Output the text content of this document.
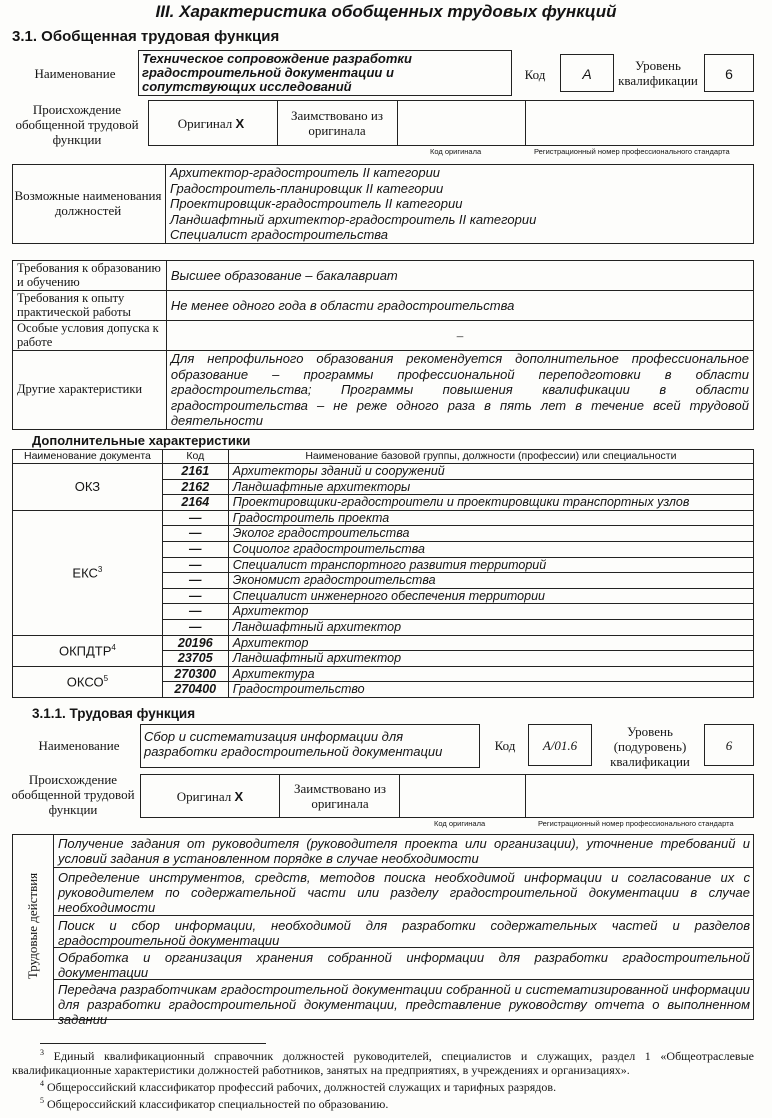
III. Характеристика обобщенных трудовых функций
3.1. Обобщенная трудовая функция
Наименование
Техническое сопровождение разработки градостроительной документации и сопутствующих исследований
Код	А
Уровень квалификации	6
Происхождение обобщенной трудовой функции
Оригинал X
Заимствовано из оригинала
Код оригинала	Регистрационный номер профессионального стандарта
Возможные наименования должностей
Архитектор-градостроитель II категории
Градостроитель-планировщик II категории
Проектировщик-градостроитель II категории
Ландшафтный архитектор-градостроитель II категории
Специалист градостроительства
Требования к образованию и обучению	Высшее образование – бакалавриат
Требования к опыту практической работы	Не менее одного года в области градостроительства
Особые условия допуска к работе	–
Другие характеристики	Для непрофильного образования рекомендуется дополнительное профессиональное образование – программы профессиональной переподготовки в области градостроительства; Программы повышения квалификации в области градостроительства – не реже одного раза в пять лет в течение всей трудовой деятельности
Дополнительные характеристики
Наименование документа	Код	Наименование базовой группы, должности (профессии) или специальности
ОКЗ	2161	Архитекторы зданий и сооружений
	2162	Ландшафтные архитекторы
	2164	Проектировщики-градостроители и проектировщики транспортных узлов
ЕКС$^3$	—	Градостроитель проекта
	—	Эколог градостроительства
	—	Социолог градостроительства
	—	Специалист транспортного развития территорий
	—	Экономист градостроительства
	—	Специалист инженерного обеспечения территории
	—	Архитектор
	—	Ландшафтный архитектор
ОКПДТР$^4$	20196	Архитектор
	23705	Ландшафтный архитектор
ОКСО$^5$	270300	Архитектура
	270400	Градостроительство
3.1.1. Трудовая функция
Наименование
Сбор и систематизация информации для разработки градостроительной документации	Код	А/01.6
Уровень (подуровень) квалификации
6
Происхождение обобщенной трудовой функции
Оригинал X
Заимствовано из оригинала
Код оригинала	Регистрационный номер профессионального стандарта
Трудовые действия
Получение задания от руководителя (руководителя проекта или организации), уточнение требований и условий задания в установленном порядке в случае необходимости
Определение инструментов, средств, методов поиска необходимой информации и согласование их с руководителем по содержательной части или разделу градостроительной документации в случае необходимости
Поиск и сбор информации, необходимой для разработки содержательных частей и разделов градостроительной документации
Обработка и организация хранения собранной информации для разработки градостроительной документации
Передача разработчикам градостроительной документации собранной и систематизированной информации для разработки градостроительной документации, представление руководству отчета о выполненном задании
$^3$ Единый квалификационный справочник должностей руководителей, специалистов и служащих, раздел 1 «Общеотраслевые квалификационные характеристики должностей работников, занятых на предприятиях, в учреждениях и организациях».
$^4$ Общероссийский классификатор профессий рабочих, должностей служащих и тарифных разрядов.
$^5$ Общероссийский классификатор специальностей по образованию.
